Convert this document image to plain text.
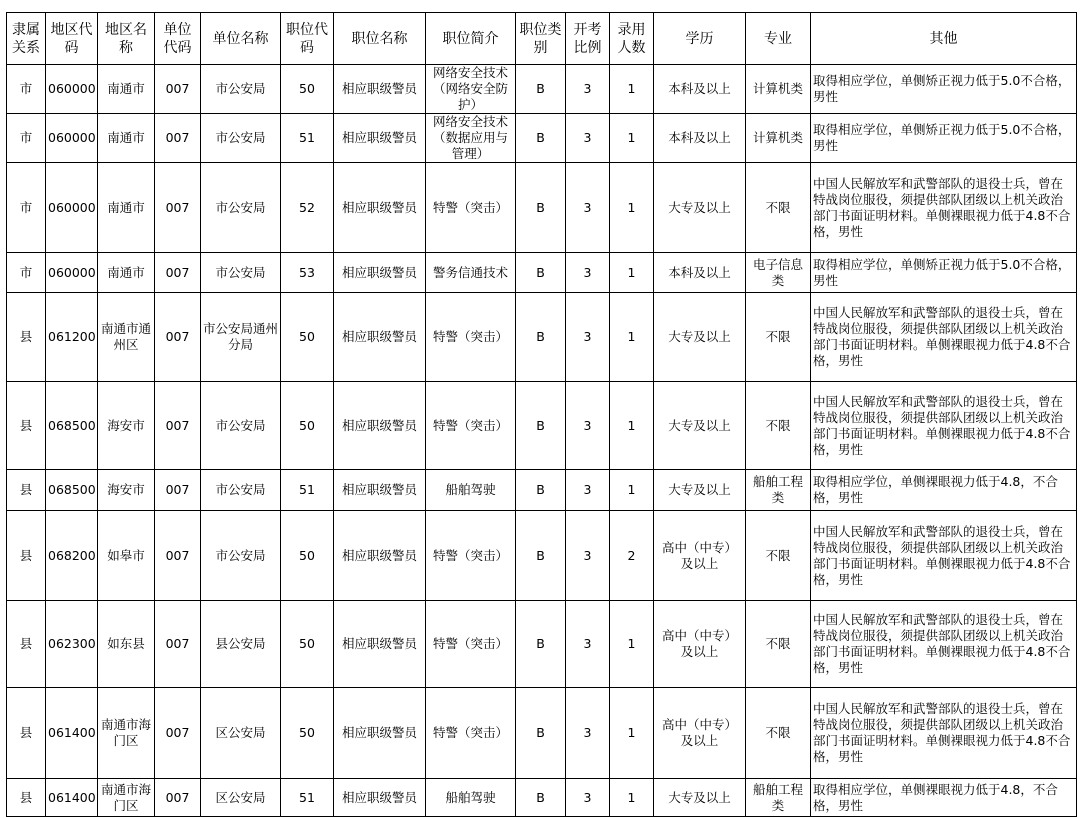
隶属关系	地区代码	地区名称	单位代码	单位名称	职位代码	职位名称	职位简介	职位类别	开考比例	录用人数	学历	专业	其他
市	060000	南通市	007	市公安局	50	相应职级警员	网络安全技术（网络安全防护）	B	3	1	本科及以上	计算机类	取得相应学位，单侧矫正视力低于5.0不合格，男性
市	060000	南通市	007	市公安局	51	相应职级警员	网络安全技术（数据应用与管理）	B	3	1	本科及以上	计算机类	取得相应学位，单侧矫正视力低于5.0不合格，男性
市	060000	南通市	007	市公安局	52	相应职级警员	特警（突击）	B	3	1	大专及以上	不限	中国人民解放军和武警部队的退役士兵，曾在特战岗位服役，须提供部队团级以上机关政治部门书面证明材料。单侧裸眼视力低于4.8不合格，男性
市	060000	南通市	007	市公安局	53	相应职级警员	警务信通技术	B	3	1	本科及以上	电子信息类	取得相应学位，单侧矫正视力低于5.0不合格，男性
县	061200	南通市通州区	007	市公安局通州分局	50	相应职级警员	特警（突击）	B	3	1	大专及以上	不限	中国人民解放军和武警部队的退役士兵，曾在特战岗位服役，须提供部队团级以上机关政治部门书面证明材料。单侧裸眼视力低于4.8不合格，男性
县	068500	海安市	007	市公安局	50	相应职级警员	特警（突击）	B	3	1	大专及以上	不限	中国人民解放军和武警部队的退役士兵，曾在特战岗位服役，须提供部队团级以上机关政治部门书面证明材料。单侧裸眼视力低于4.8不合格，男性
县	068500	海安市	007	市公安局	51	相应职级警员	船舶驾驶	B	3	1	大专及以上	船舶工程类	取得相应学位，单侧裸眼视力低于4.8，不合格，男性
县	068200	如皋市	007	市公安局	50	相应职级警员	特警（突击）	B	3	2	高中（中专）及以上	不限	中国人民解放军和武警部队的退役士兵，曾在特战岗位服役，须提供部队团级以上机关政治部门书面证明材料。单侧裸眼视力低于4.8不合格，男性
县	062300	如东县	007	县公安局	50	相应职级警员	特警（突击）	B	3	1	高中（中专）及以上	不限	中国人民解放军和武警部队的退役士兵，曾在特战岗位服役，须提供部队团级以上机关政治部门书面证明材料。单侧裸眼视力低于4.8不合格，男性
县	061400	南通市海门区	007	区公安局	50	相应职级警员	特警（突击）	B	3	1	高中（中专）及以上	不限	中国人民解放军和武警部队的退役士兵，曾在特战岗位服役，须提供部队团级以上机关政治部门书面证明材料。单侧裸眼视力低于4.8不合格，男性
县	061400	南通市海门区	007	区公安局	51	相应职级警员	船舶驾驶	B	3	1	大专及以上	船舶工程类	取得相应学位，单侧裸眼视力低于4.8，不合格，男性
